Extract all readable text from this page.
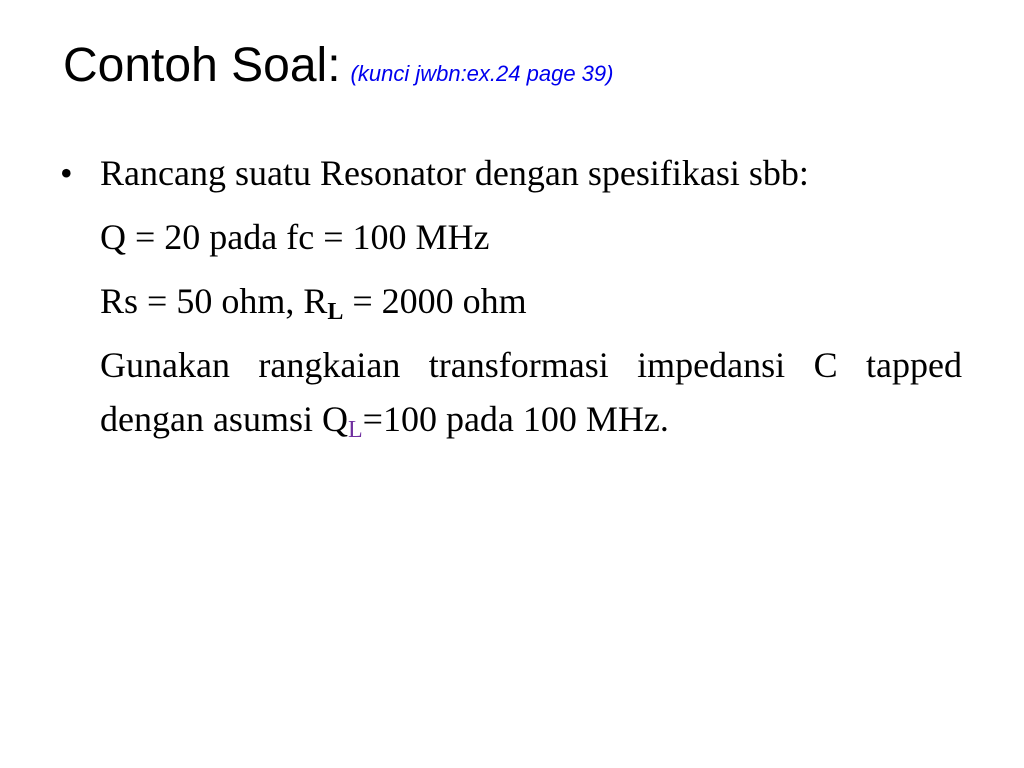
Contoh Soal: (kunci jwbn:ex.24 page 39)
• Rancang suatu Resonator dengan spesifikasi sbb:
Q = 20 pada fc = 100 MHz
Rs = 50 ohm, $R_L = 2000$ ohm
Gunakan rangkaian transformasi impedansi C tapped dengan asumsi $Q_L=100$ pada 100 MHz.
